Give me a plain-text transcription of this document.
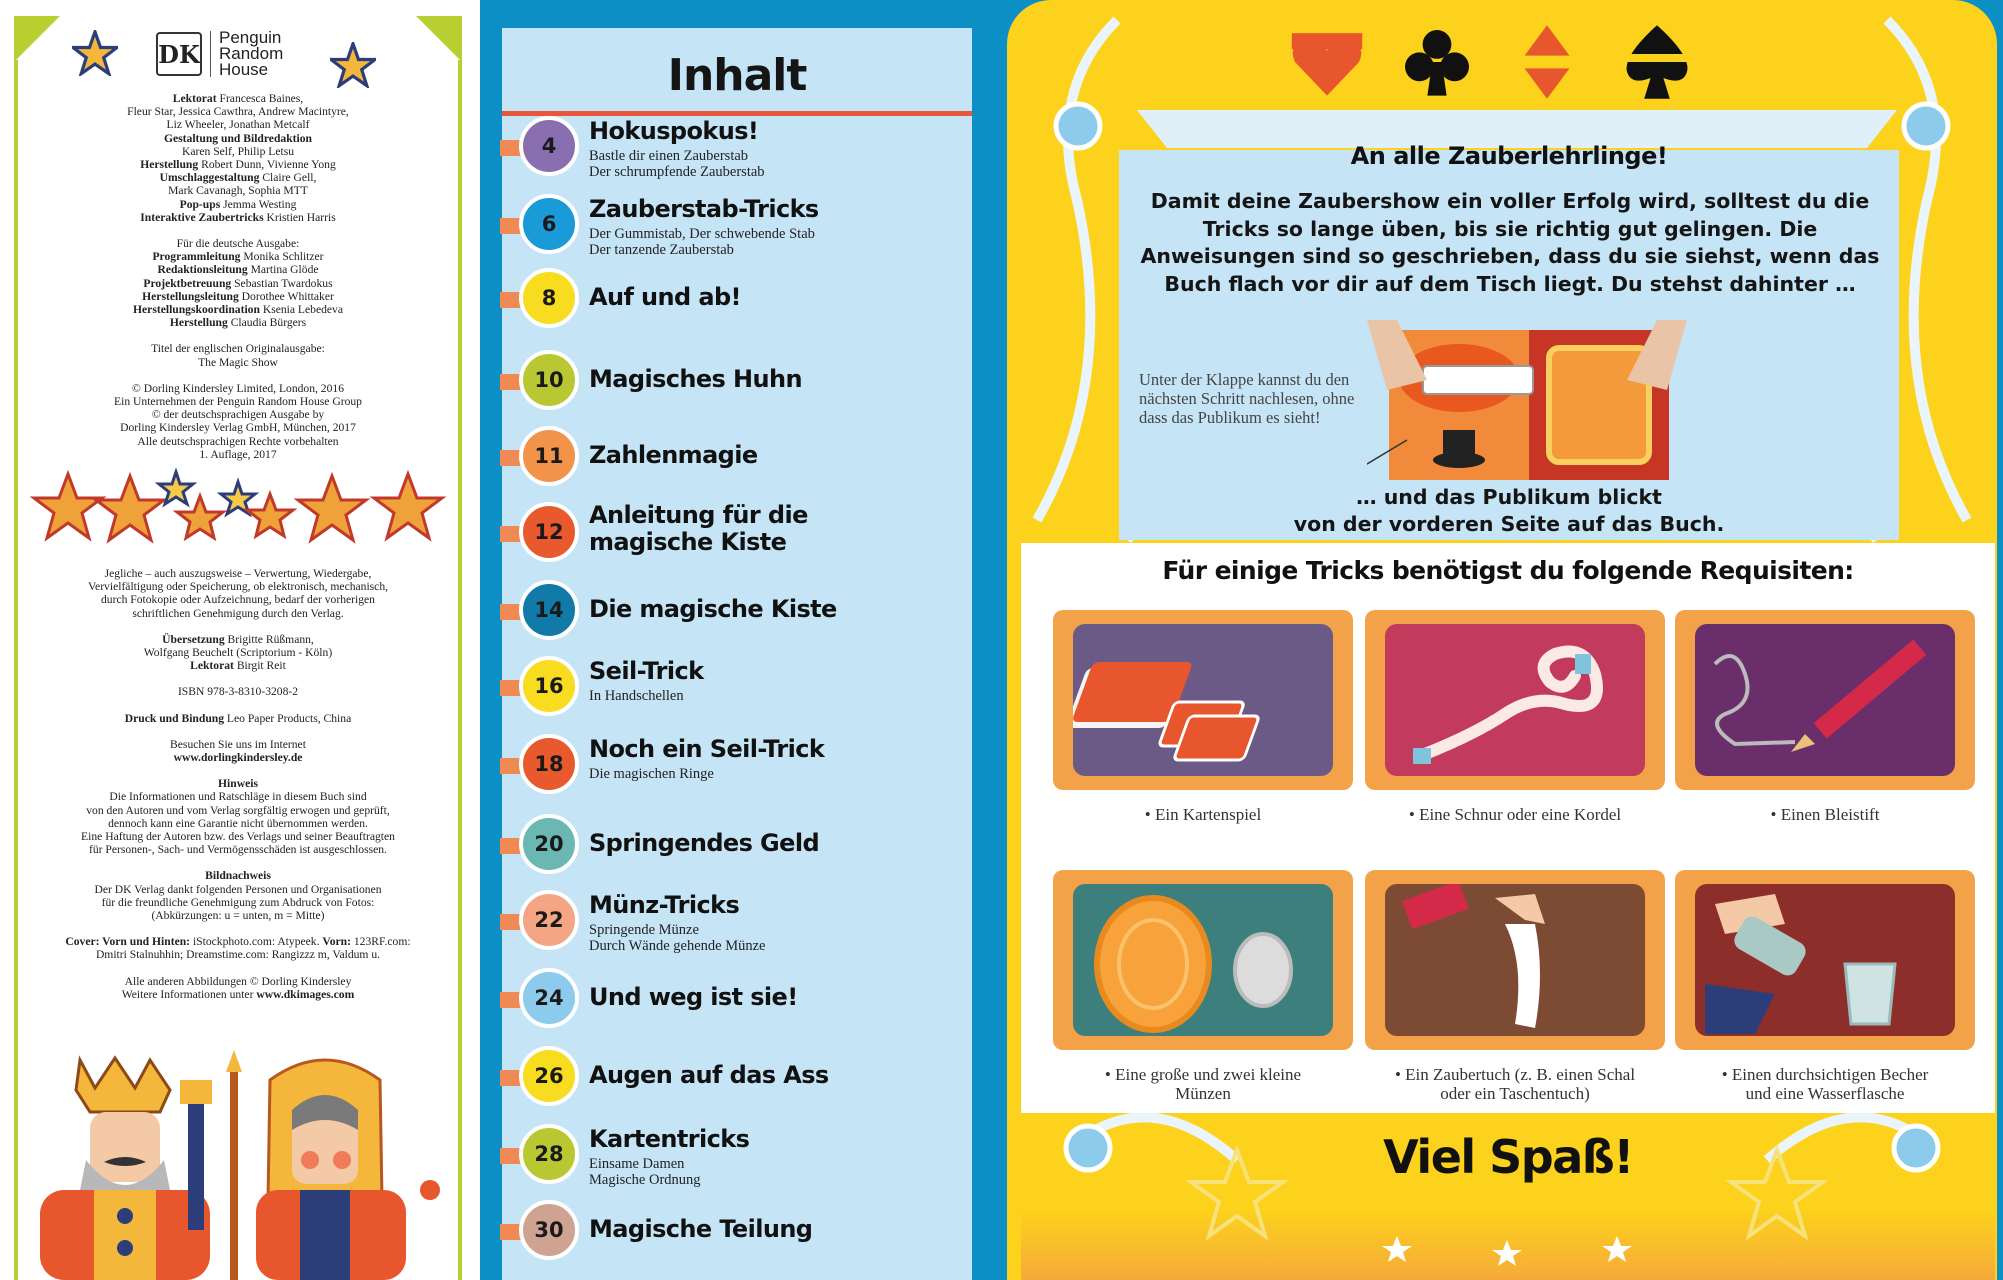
DK
Penguin
Random
House

Lektorat Francesca Baines,

Fleur Star, Jessica Cawthra, Andrew Macintyre,

Liz Wheeler, Jonathan Metcalf

Gestaltung und Bildredaktion

Karen Self, Philip Letsu

Herstellung Robert Dunn, Vivienne Yong

Umschlaggestaltung Claire Gell,

Mark Cavanagh, Sophia MTT

Pop-ups Jemma Westing

Interaktive Zaubertricks Kristien Harris

Für die deutsche Ausgabe:

Programmleitung Monika Schlitzer

Redaktionsleitung Martina Glöde

Projektbetreuung Sebastian Twardokus

Herstellungsleitung Dorothee Whittaker

Herstellungskoordination Ksenia Lebedeva

Herstellung Claudia Bürgers

Titel der englischen Originalausgabe:

The Magic Show

© Dorling Kindersley Limited, London, 2016

Ein Unternehmen der Penguin Random House Group

© der deutschsprachigen Ausgabe by

Dorling Kindersley Verlag GmbH, München, 2017

Alle deutschsprachigen Rechte vorbehalten

1. Auflage, 2017

Jegliche – auch auszugsweise – Verwertung, Wiedergabe,

Vervielfältigung oder Speicherung, ob elektronisch, mechanisch,

durch Fotokopie oder Aufzeichnung, bedarf der vorherigen

schriftlichen Genehmigung durch den Verlag.

Übersetzung Brigitte Rüßmann,

Wolfgang Beuchelt (Scriptorium - Köln)

Lektorat Birgit Reit

ISBN 978-3-8310-3208-2

Druck und Bindung Leo Paper Products, China

Besuchen Sie uns im Internet

www.dorlingkindersley.de

Hinweis

Die Informationen und Ratschläge in diesem Buch sind

von den Autoren und vom Verlag sorgfältig erwogen und geprüft,

dennoch kann eine Garantie nicht übernommen werden.

Eine Haftung der Autoren bzw. des Verlags und seiner Beauftragten

für Personen-, Sach- und Vermögensschäden ist ausgeschlossen.

Bildnachweis

Der DK Verlag dankt folgenden Personen und Organisationen

für die freundliche Genehmigung zum Abdruck von Fotos:

(Abkürzungen: u = unten, m = Mitte)

Cover: Vorn und Hinten: iStockphoto.com: Atypeek. Vorn: 123RF.com:

Dmitri Stalnuhhin; Dreamstime.com: Rangizzz m, Valdum u.

Alle anderen Abbildungen © Dorling Kindersley

Weitere Informationen unter www.dkimages.com

Inhalt
4
Hokuspokus!
Bastle dir einen Zauberstab
Der schrumpfende Zauberstab
6
Zauberstab-Tricks
Der Gummistab, Der schwebende Stab
Der tanzende Zauberstab
8	Auf und ab!
10	Magisches Huhn
11	Zahlenmagie
12
Anleitung für die magische Kiste
14	Die magische Kiste
16
Seil-Trick
In Handschellen
18
Noch ein Seil-Trick
Die magischen Ringe
20	Springendes Geld
22
Münz-Tricks
Springende Münze
Durch Wände gehende Münze
24	Und weg ist sie!
26	Augen auf das Ass
28
Kartentricks
Einsame Damen
Magische Ordnung
30	Magische Teilung
An alle Zauberlehrlinge!
Damit deine Zaubershow ein voller Erfolg wird, solltest du die Tricks so lange üben, bis sie richtig gut gelingen. Die Anweisungen sind so geschrieben, dass du sie siehst, wenn das Buch flach vor dir auf dem Tisch liegt. Du stehst dahinter …
Unter der Klappe kannst du den nächsten Schritt nachlesen, ohne dass das Publikum es sieht!
… und das Publikum blickt
von der vorderen Seite auf das Buch.
Für einige Tricks benötigst du folgende Requisiten:
• Ein Kartenspiel	• Eine Schnur oder eine Kordel	• Einen Bleistift
• Eine große und zwei kleine
Münzen
• Ein Zaubertuch (z. B. einen Schal
oder ein Taschentuch)
• Einen durchsichtigen Becher
und eine Wasserflasche
Viel Spaß!
